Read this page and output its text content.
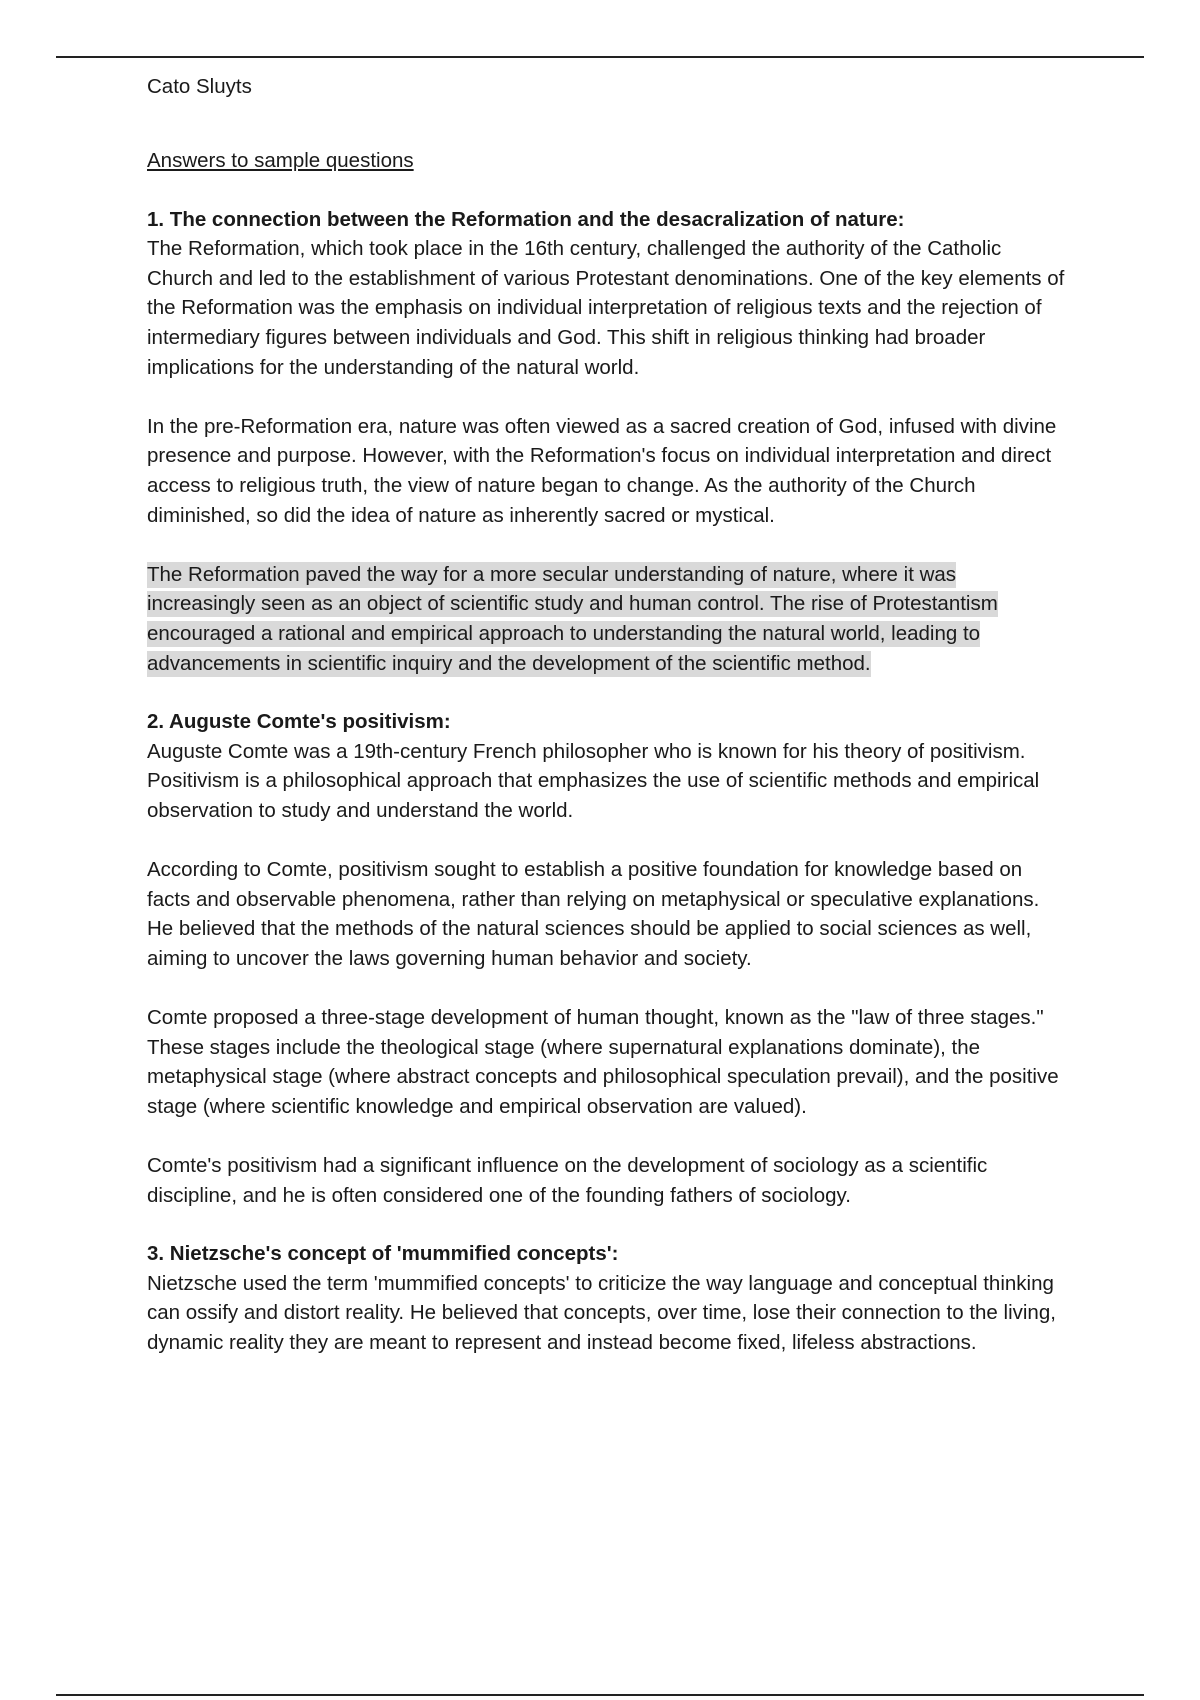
Cato Sluyts

Answers to sample questions

1. The connection between the Reformation and the desacralization of nature:

The Reformation, which took place in the 16th century, challenged the authority of the Catholic Church and led to the establishment of various Protestant denominations. One of the key elements of the Reformation was the emphasis on individual interpretation of religious texts and the rejection of intermediary figures between individuals and God. This shift in religious thinking had broader implications for the understanding of the natural world.

In the pre-Reformation era, nature was often viewed as a sacred creation of God, infused with divine presence and purpose. However, with the Reformation's focus on individual interpretation and direct access to religious truth, the view of nature began to change. As the authority of the Church diminished, so did the idea of nature as inherently sacred or mystical.

The Reformation paved the way for a more secular understanding of nature, where it was increasingly seen as an object of scientific study and human control. The rise of Protestantism encouraged a rational and empirical approach to understanding the natural world, leading to advancements in scientific inquiry and the development of the scientific method.

2. Auguste Comte's positivism:

Auguste Comte was a 19th-century French philosopher who is known for his theory of positivism. Positivism is a philosophical approach that emphasizes the use of scientific methods and empirical observation to study and understand the world.

According to Comte, positivism sought to establish a positive foundation for knowledge based on facts and observable phenomena, rather than relying on metaphysical or speculative explanations. He believed that the methods of the natural sciences should be applied to social sciences as well, aiming to uncover the laws governing human behavior and society.

Comte proposed a three-stage development of human thought, known as the "law of three stages." These stages include the theological stage (where supernatural explanations dominate), the metaphysical stage (where abstract concepts and philosophical speculation prevail), and the positive stage (where scientific knowledge and empirical observation are valued).

Comte's positivism had a significant influence on the development of sociology as a scientific discipline, and he is often considered one of the founding fathers of sociology.

3. Nietzsche's concept of 'mummified concepts':

Nietzsche used the term 'mummified concepts' to criticize the way language and conceptual thinking can ossify and distort reality. He believed that concepts, over time, lose their connection to the living, dynamic reality they are meant to represent and instead become fixed, lifeless abstractions.
